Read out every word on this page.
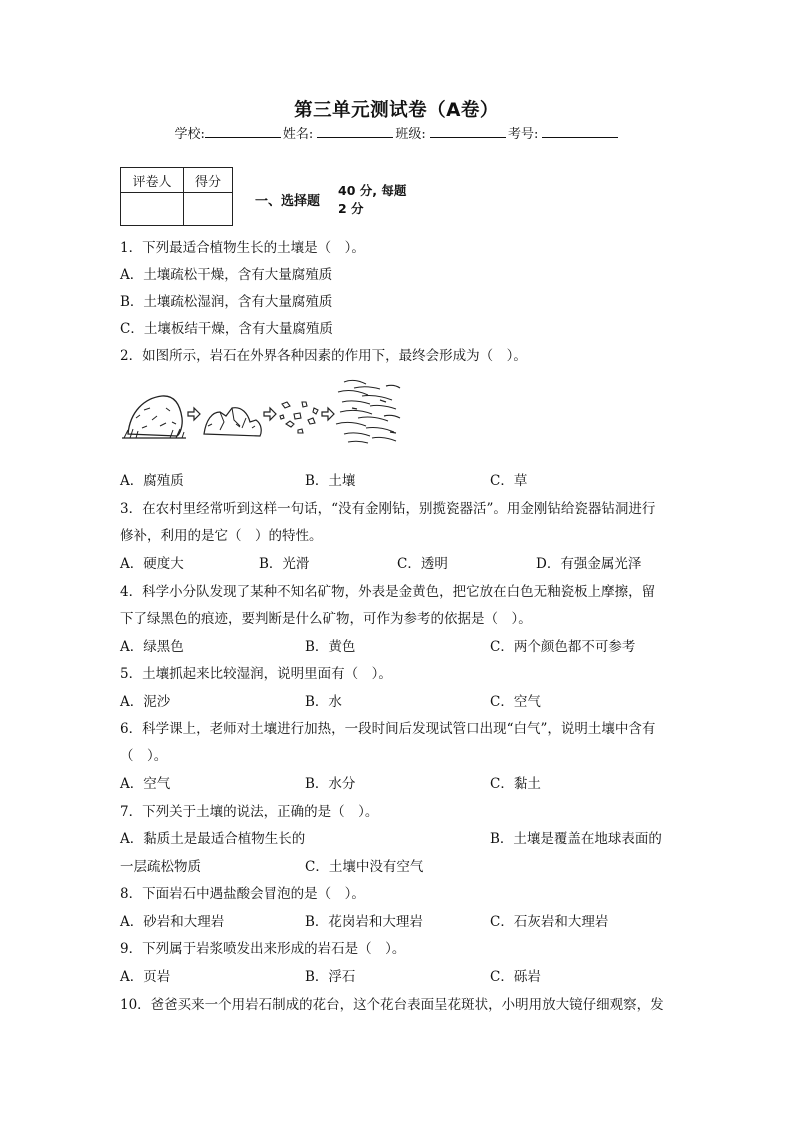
第三单元测试卷（A卷）
学校:	姓名:	班级:	考号:
评卷人	得分

一、选择题
40 分, 每题
2 分
1．下列最适合植物生长的土壤是（　）。
A．土壤疏松干燥，含有大量腐殖质
B．土壤疏松湿润，含有大量腐殖质
C．土壤板结干燥，含有大量腐殖质
2．如图所示，岩石在外界各种因素的作用下，最终会形成为（　）。
A．腐殖质	B．土壤	C．草
3．在农村里经常听到这样一句话，“没有金刚钻，别揽瓷器活”。用金刚钻给瓷器钻洞进行
修补，利用的是它（　）的特性。
A．硬度大	B．光滑	C．透明	D．有强金属光泽
4．科学小分队发现了某种不知名矿物，外表是金黄色，把它放在白色无釉瓷板上摩擦，留
下了绿黑色的痕迹，要判断是什么矿物，可作为参考的依据是（　）。
A．绿黑色	B．黄色	C．两个颜色都不可参考
5．土壤抓起来比较湿润，说明里面有（　）。
A．泥沙	B．水	C．空气
6．科学课上，老师对土壤进行加热，一段时间后发现试管口出现“白气”，说明土壤中含有
（　）。
A．空气	B．水分	C．黏土
7．下列关于土壤的说法，正确的是（　）。
A．黏质土是最适合植物生长的	B．土壤是覆盖在地球表面的
一层疏松物质	C．土壤中没有空气
8．下面岩石中遇盐酸会冒泡的是（　）。
A．砂岩和大理岩	B．花岗岩和大理岩	C．石灰岩和大理岩
9．下列属于岩浆喷发出来形成的岩石是（　）。
A．页岩	B．浮石	C．砾岩
10．爸爸买来一个用岩石制成的花台，这个花台表面呈花斑状，小明用放大镜仔细观察，发
